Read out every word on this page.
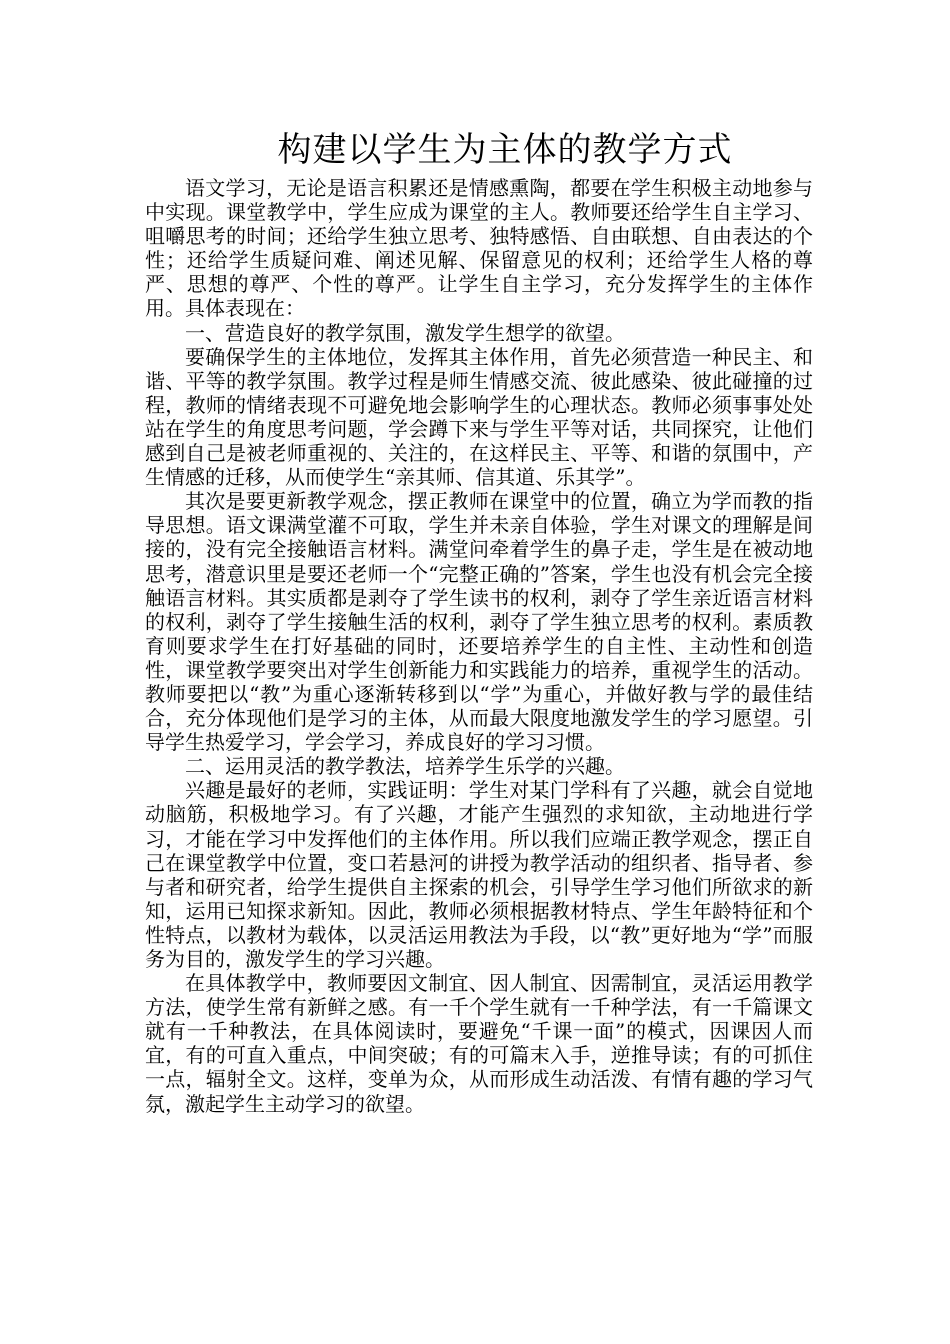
构建以学生为主体的教学方式

语文学习，无论是语言积累还是情感熏陶，都要在学生积极主动地参与中实现。课堂教学中，学生应成为课堂的主人。教师要还给学生自主学习、咀嚼思考的时间；还给学生独立思考、独特感悟、自由联想、自由表达的个性；还给学生质疑问难、阐述见解、保留意见的权利；还给学生人格的尊严、思想的尊严、个性的尊严。让学生自主学习，充分发挥学生的主体作用。具体表现在：

一、营造良好的教学氛围，激发学生想学的欲望。

要确保学生的主体地位，发挥其主体作用，首先必须营造一种民主、和谐、平等的教学氛围。教学过程是师生情感交流、彼此感染、彼此碰撞的过程，教师的情绪表现不可避免地会影响学生的心理状态。教师必须事事处处站在学生的角度思考问题，学会蹲下来与学生平等对话，共同探究，让他们感到自己是被老师重视的、关注的，在这样民主、平等、和谐的氛围中，产生情感的迁移，从而使学生“亲其师、信其道、乐其学”。

其次是要更新教学观念，摆正教师在课堂中的位置，确立为学而教的指导思想。语文课满堂灌不可取，学生并未亲自体验，学生对课文的理解是间接的，没有完全接触语言材料。满堂问牵着学生的鼻子走，学生是在被动地思考，潜意识里是要还老师一个“完整正确的”答案，学生也没有机会完全接触语言材料。其实质都是剥夺了学生读书的权利，剥夺了学生亲近语言材料的权利，剥夺了学生接触生活的权利，剥夺了学生独立思考的权利。素质教育则要求学生在打好基础的同时，还要培养学生的自主性、主动性和创造性，课堂教学要突出对学生创新能力和实践能力的培养，重视学生的活动。教师要把以“教”为重心逐渐转移到以“学”为重心，并做好教与学的最佳结合，充分体现他们是学习的主体，从而最大限度地激发学生的学习愿望。引导学生热爱学习，学会学习，养成良好的学习习惯。

二、运用灵活的教学教法，培养学生乐学的兴趣。

兴趣是最好的老师，实践证明：学生对某门学科有了兴趣，就会自觉地动脑筋，积极地学习。有了兴趣，才能产生强烈的求知欲，主动地进行学习，才能在学习中发挥他们的主体作用。所以我们应端正教学观念，摆正自己在课堂教学中位置，变口若悬河的讲授为教学活动的组织者、指导者、参与者和研究者，给学生提供自主探索的机会，引导学生学习他们所欲求的新知，运用已知探求新知。因此，教师必须根据教材特点、学生年龄特征和个性特点，以教材为载体，以灵活运用教法为手段，以“教”更好地为“学”而服务为目的，激发学生的学习兴趣。

在具体教学中，教师要因文制宜、因人制宜、因需制宜，灵活运用教学方法，使学生常有新鲜之感。有一千个学生就有一千种学法，有一千篇课文就有一千种教法，在具体阅读时，要避免“千课一面”的模式，因课因人而宜，有的可直入重点，中间突破；有的可篇末入手，逆推导读；有的可抓住一点，辐射全文。这样，变单为众，从而形成生动活泼、有情有趣的学习气氛，激起学生主动学习的欲望。
